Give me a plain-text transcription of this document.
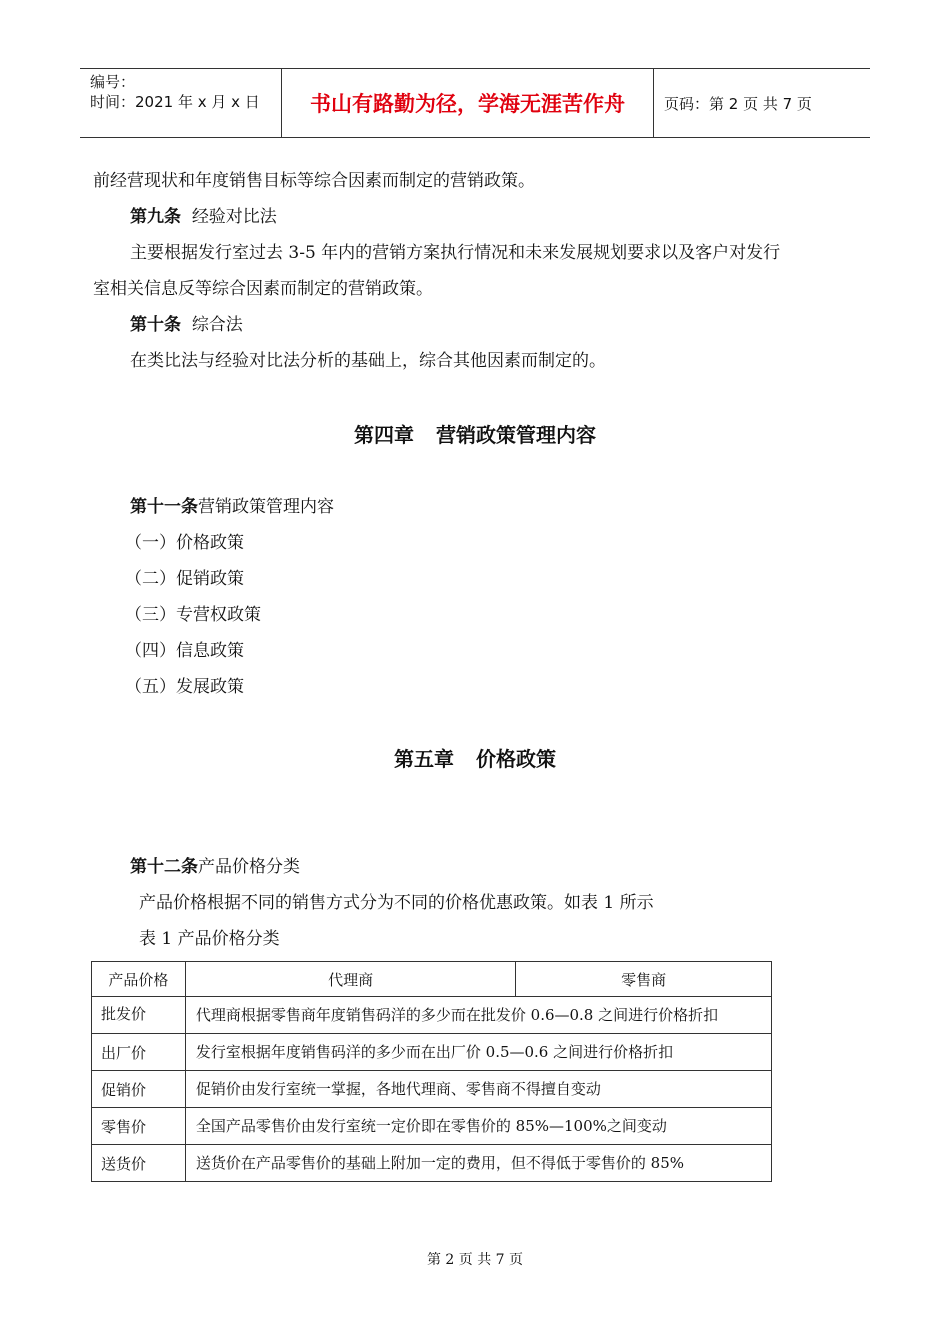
编号：
时间：2021 年 x 月 x 日	书山有路勤为径，学海无涯苦作舟	页码：第 2 页 共 7 页
前经营现状和年度销售目标等综合因素而制定的营销政策。
第九条 经验对比法
主要根据发行室过去 3-5 年内的营销方案执行情况和未来发展规划要求以及客户对发行
室相关信息反等综合因素而制定的营销政策。
第十条 综合法
在类比法与经验对比法分析的基础上，综合其他因素而制定的。
第四章 营销政策管理内容
第十一条营销政策管理内容
（一）价格政策
（二）促销政策
（三）专营权政策
（四）信息政策
（五）发展政策
第五章 价格政策
第十二条产品价格分类
产品价格根据不同的销售方式分为不同的价格优惠政策。如表 1 所示
表 1 产品价格分类
产品价格	代理商	零售商
批发价	代理商根据零售商年度销售码洋的多少而在批发价 0.6—0.8 之间进行价格折扣	
出厂价	发行室根据年度销售码洋的多少而在出厂价 0.5—0.6 之间进行价格折扣	
促销价	促销价由发行室统一掌握，各地代理商、零售商不得擅自变动	
零售价	全国产品零售价由发行室统一定价即在零售价的 85%—100%之间变动	
送货价	送货价在产品零售价的基础上附加一定的费用，但不得低于零售价的 85%	
第 2 页 共 7 页
